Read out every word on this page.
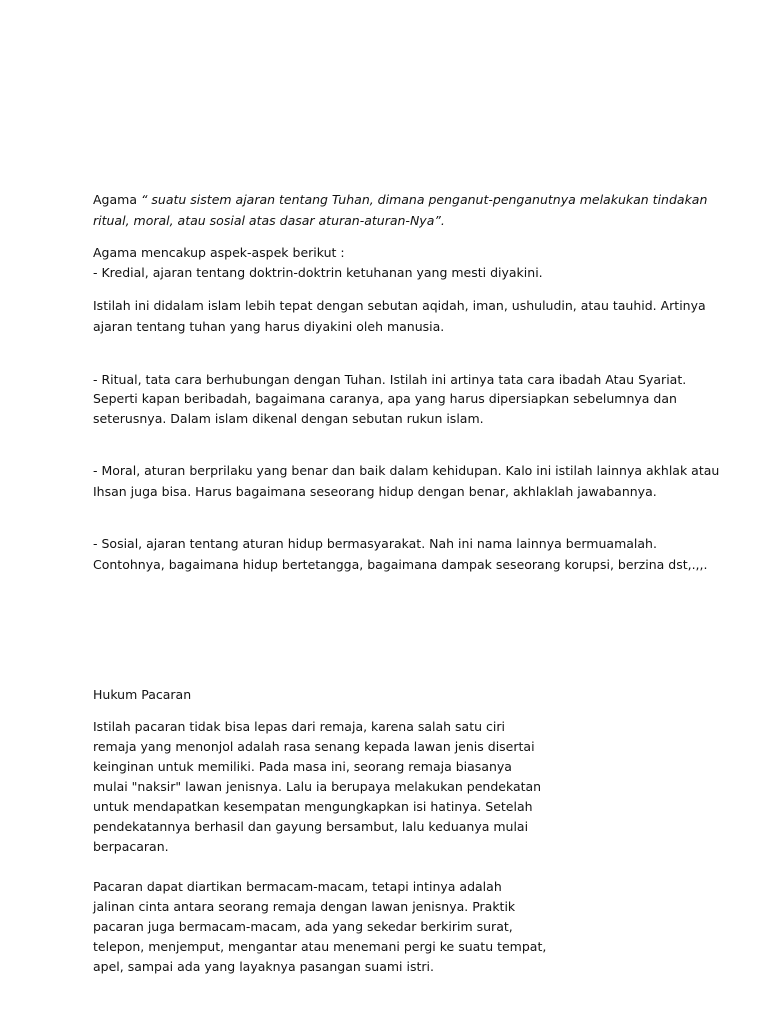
Agama “ suatu sistem ajaran tentang Tuhan, dimana penganut-penganutnya melakukan tindakan
ritual, moral, atau sosial atas dasar aturan-aturan-Nya”.
Agama mencakup aspek-aspek berikut :
- Kredial, ajaran tentang doktrin-doktrin ketuhanan yang mesti diyakini.
Istilah ini didalam islam lebih tepat dengan sebutan aqidah, iman, ushuludin, atau tauhid. Artinya
ajaran tentang tuhan yang harus diyakini oleh manusia.
- Ritual, tata cara berhubungan dengan Tuhan. Istilah ini artinya tata cara ibadah Atau Syariat.
Seperti kapan beribadah, bagaimana caranya, apa yang harus dipersiapkan sebelumnya dan
seterusnya. Dalam islam dikenal dengan sebutan rukun islam.
- Moral, aturan berprilaku yang benar dan baik dalam kehidupan. Kalo ini istilah lainnya akhlak atau
Ihsan juga bisa. Harus bagaimana seseorang hidup dengan benar, akhlaklah jawabannya.
- Sosial, ajaran tentang aturan hidup bermasyarakat. Nah ini nama lainnya bermuamalah.
Contohnya, bagaimana hidup bertetangga, bagaimana dampak seseorang korupsi, berzina dst,.,,.
Hukum Pacaran
Istilah pacaran tidak bisa lepas dari remaja, karena salah satu ciri
remaja yang menonjol adalah rasa senang kepada lawan jenis disertai
keinginan untuk memiliki. Pada masa ini, seorang remaja biasanya
mulai "naksir" lawan jenisnya. Lalu ia berupaya melakukan pendekatan
untuk mendapatkan kesempatan mengungkapkan isi hatinya. Setelah
pendekatannya berhasil dan gayung bersambut, lalu keduanya mulai
berpacaran.
Pacaran dapat diartikan bermacam-macam, tetapi intinya adalah
jalinan cinta antara seorang remaja dengan lawan jenisnya. Praktik
pacaran juga bermacam-macam, ada yang sekedar berkirim surat,
telepon, menjemput, mengantar atau menemani pergi ke suatu tempat,
apel, sampai ada yang layaknya pasangan suami istri.
